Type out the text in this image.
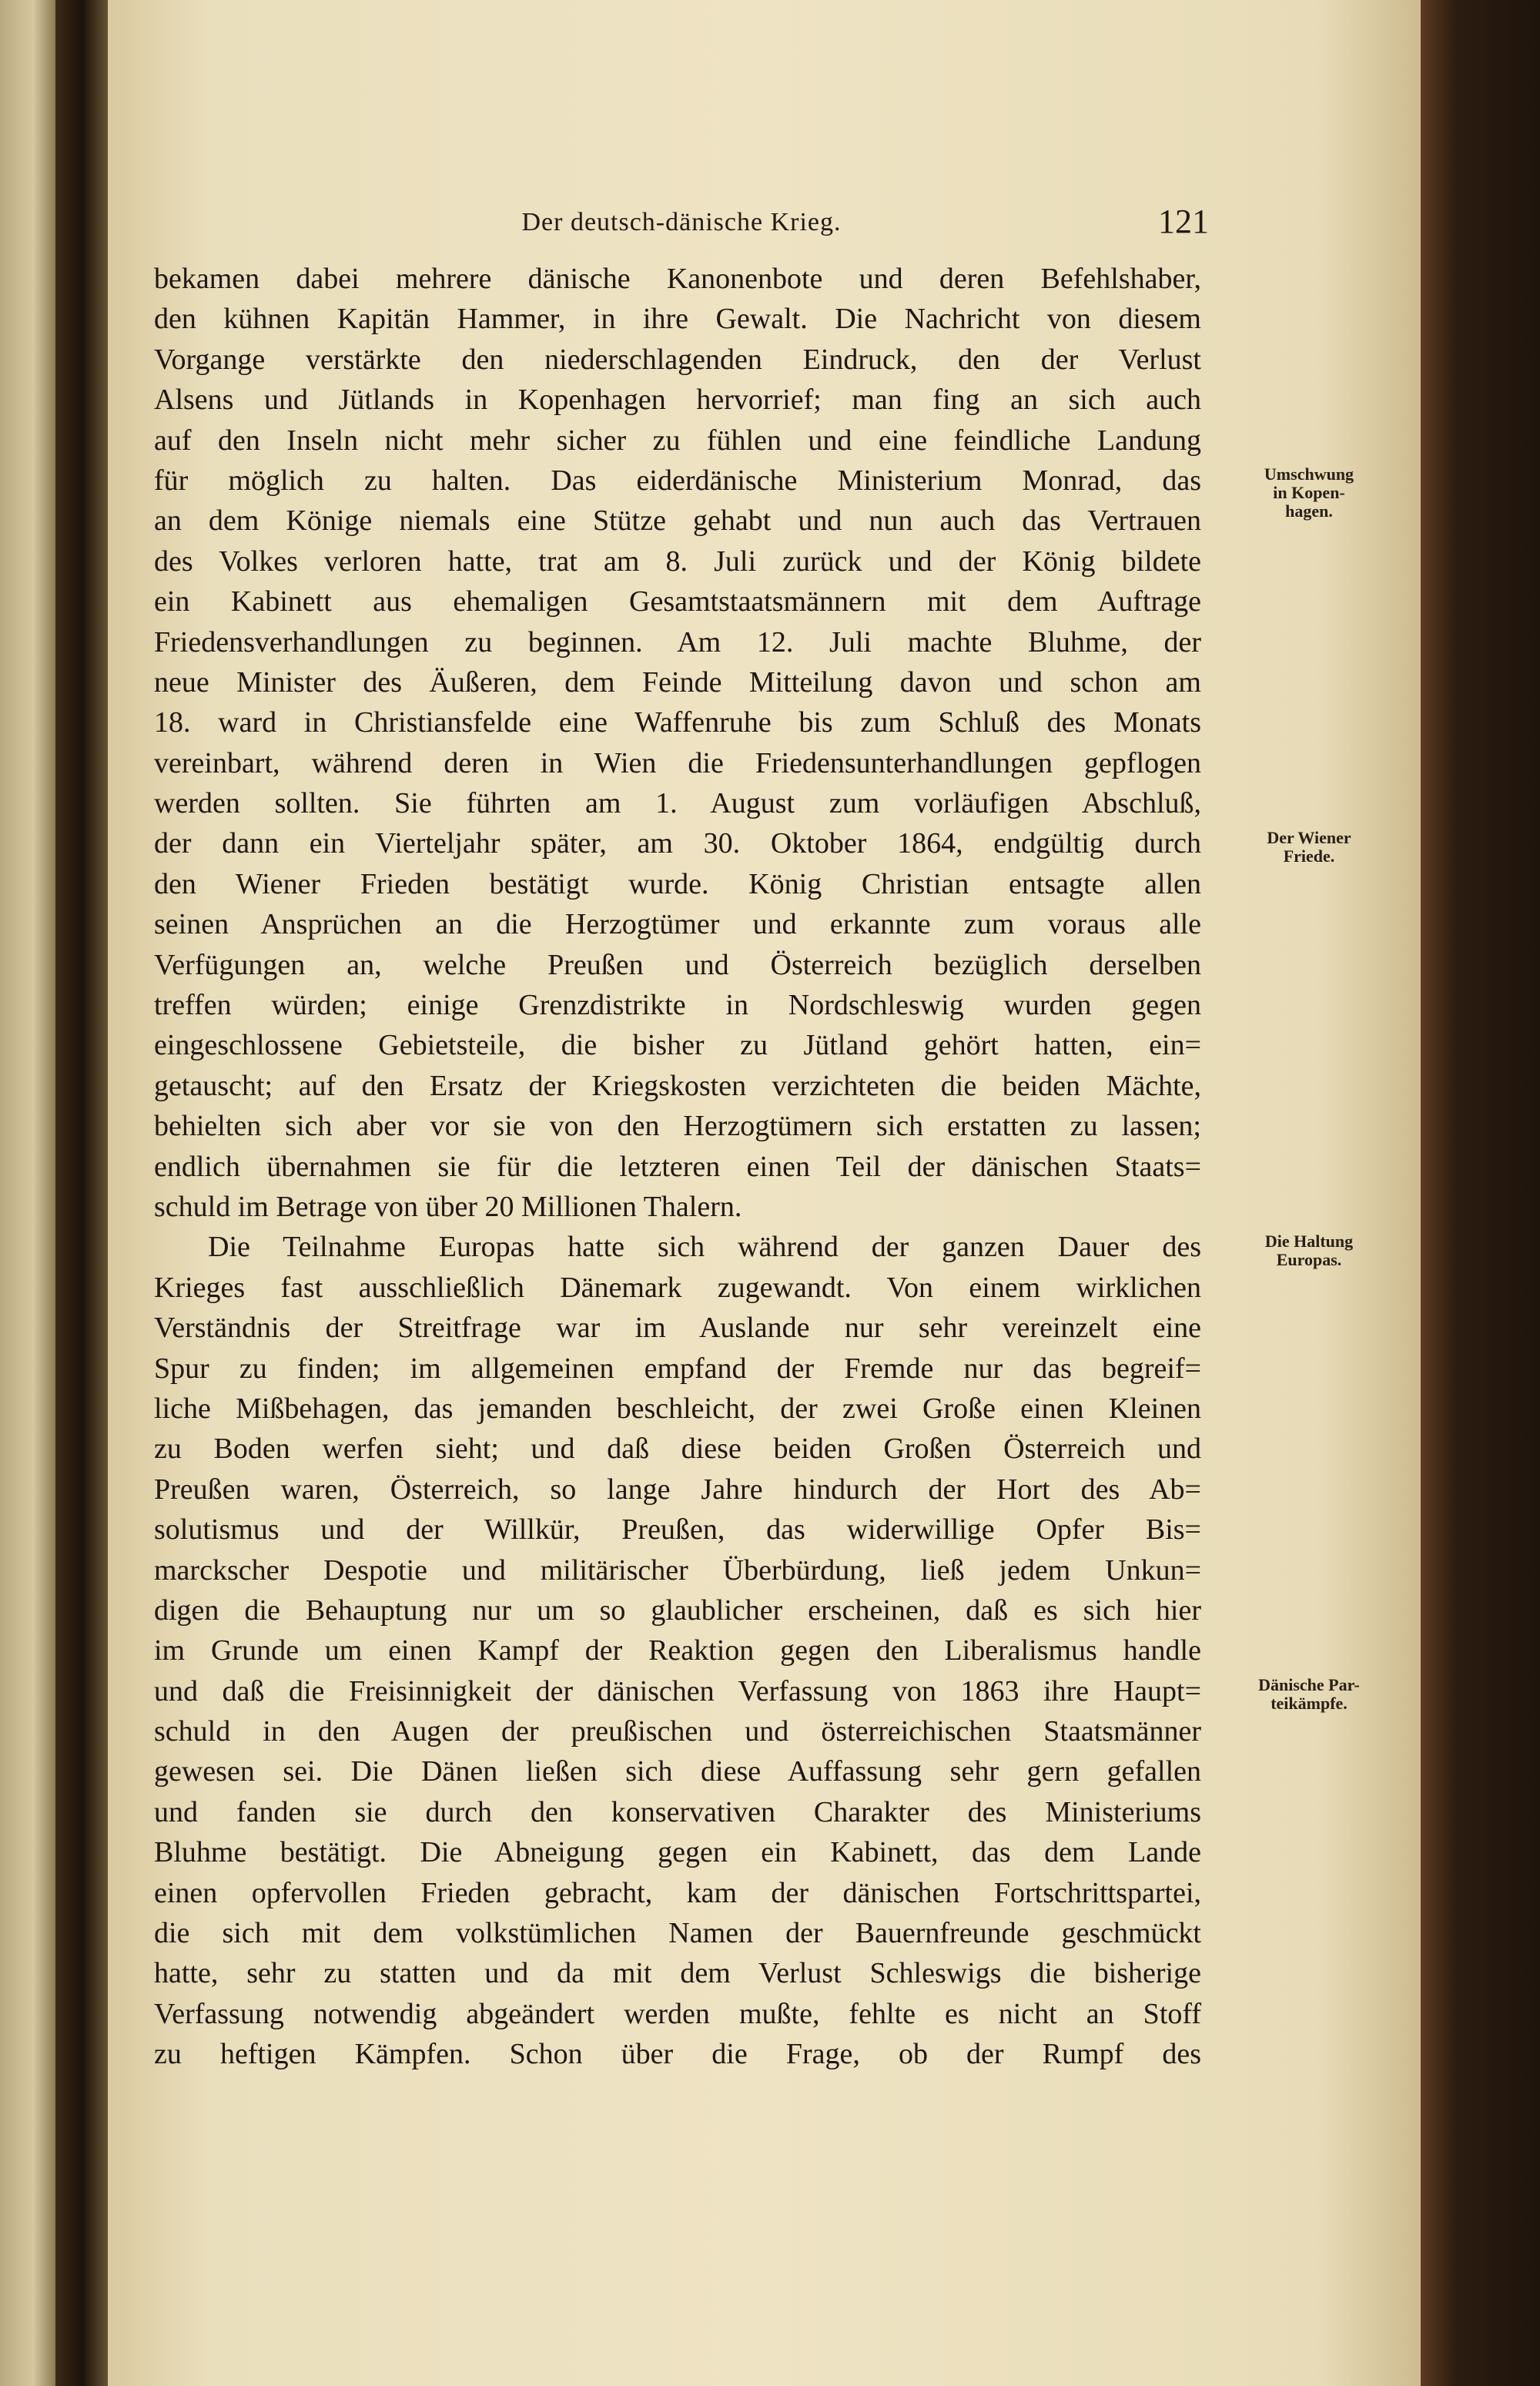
Der deutsch-dänische Krieg.	121
bekamen dabei mehrere dänische Kanonenbote und deren Befehlshaber,
den kühnen Kapitän Hammer, in ihre Gewalt. Die Nachricht von diesem
Vorgange verstärkte den niederschlagenden Eindruck, den der Verlust
Alsens und Jütlands in Kopenhagen hervorrief; man fing an sich auch
auf den Inseln nicht mehr sicher zu fühlen und eine feindliche Landung
für möglich zu halten. Das eiderdänische Ministerium Monrad, das
an dem Könige niemals eine Stütze gehabt und nun auch das Vertrauen
des Volkes verloren hatte, trat am 8. Juli zurück und der König bildete
ein Kabinett aus ehemaligen Gesamtstaatsmännern mit dem Auftrage
Friedensverhandlungen zu beginnen. Am 12. Juli machte Bluhme, der
neue Minister des Äußeren, dem Feinde Mitteilung davon und schon am
18. ward in Christiansfelde eine Waffenruhe bis zum Schluß des Monats
vereinbart, während deren in Wien die Friedensunterhandlungen gepflogen
werden sollten. Sie führten am 1. August zum vorläufigen Abschluß,
der dann ein Vierteljahr später, am 30. Oktober 1864, endgültig durch
den Wiener Frieden bestätigt wurde. König Christian entsagte allen
seinen Ansprüchen an die Herzogtümer und erkannte zum voraus alle
Verfügungen an, welche Preußen und Österreich bezüglich derselben
treffen würden; einige Grenzdistrikte in Nordschleswig wurden gegen
eingeschlossene Gebietsteile, die bisher zu Jütland gehört hatten, ein=
getauscht; auf den Ersatz der Kriegskosten verzichteten die beiden Mächte,
behielten sich aber vor sie von den Herzogtümern sich erstatten zu lassen;
endlich übernahmen sie für die letzteren einen Teil der dänischen Staats=
schuld im Betrage von über 20 Millionen Thalern.
Die Teilnahme Europas hatte sich während der ganzen Dauer des
Krieges fast ausschließlich Dänemark zugewandt. Von einem wirklichen
Verständnis der Streitfrage war im Auslande nur sehr vereinzelt eine
Spur zu finden; im allgemeinen empfand der Fremde nur das begreif=
liche Mißbehagen, das jemanden beschleicht, der zwei Große einen Kleinen
zu Boden werfen sieht; und daß diese beiden Großen Österreich und
Preußen waren, Österreich, so lange Jahre hindurch der Hort des Ab=
solutismus und der Willkür, Preußen, das widerwillige Opfer Bis=
marckscher Despotie und militärischer Überbürdung, ließ jedem Unkun=
digen die Behauptung nur um so glaublicher erscheinen, daß es sich hier
im Grunde um einen Kampf der Reaktion gegen den Liberalismus handle
und daß die Freisinnigkeit der dänischen Verfassung von 1863 ihre Haupt=
schuld in den Augen der preußischen und österreichischen Staatsmänner
gewesen sei. Die Dänen ließen sich diese Auffassung sehr gern gefallen
und fanden sie durch den konservativen Charakter des Ministeriums
Bluhme bestätigt. Die Abneigung gegen ein Kabinett, das dem Lande
einen opfervollen Frieden gebracht, kam der dänischen Fortschrittspartei,
die sich mit dem volkstümlichen Namen der Bauernfreunde geschmückt
hatte, sehr zu statten und da mit dem Verlust Schleswigs die bisherige
Verfassung notwendig abgeändert werden mußte, fehlte es nicht an Stoff
zu heftigen Kämpfen. Schon über die Frage, ob der Rumpf des
Umschwung
in Kopen-
hagen.
Der Wiener
Friede.
Die Haltung
Europas.
Dänische Par-
teikämpfe.
